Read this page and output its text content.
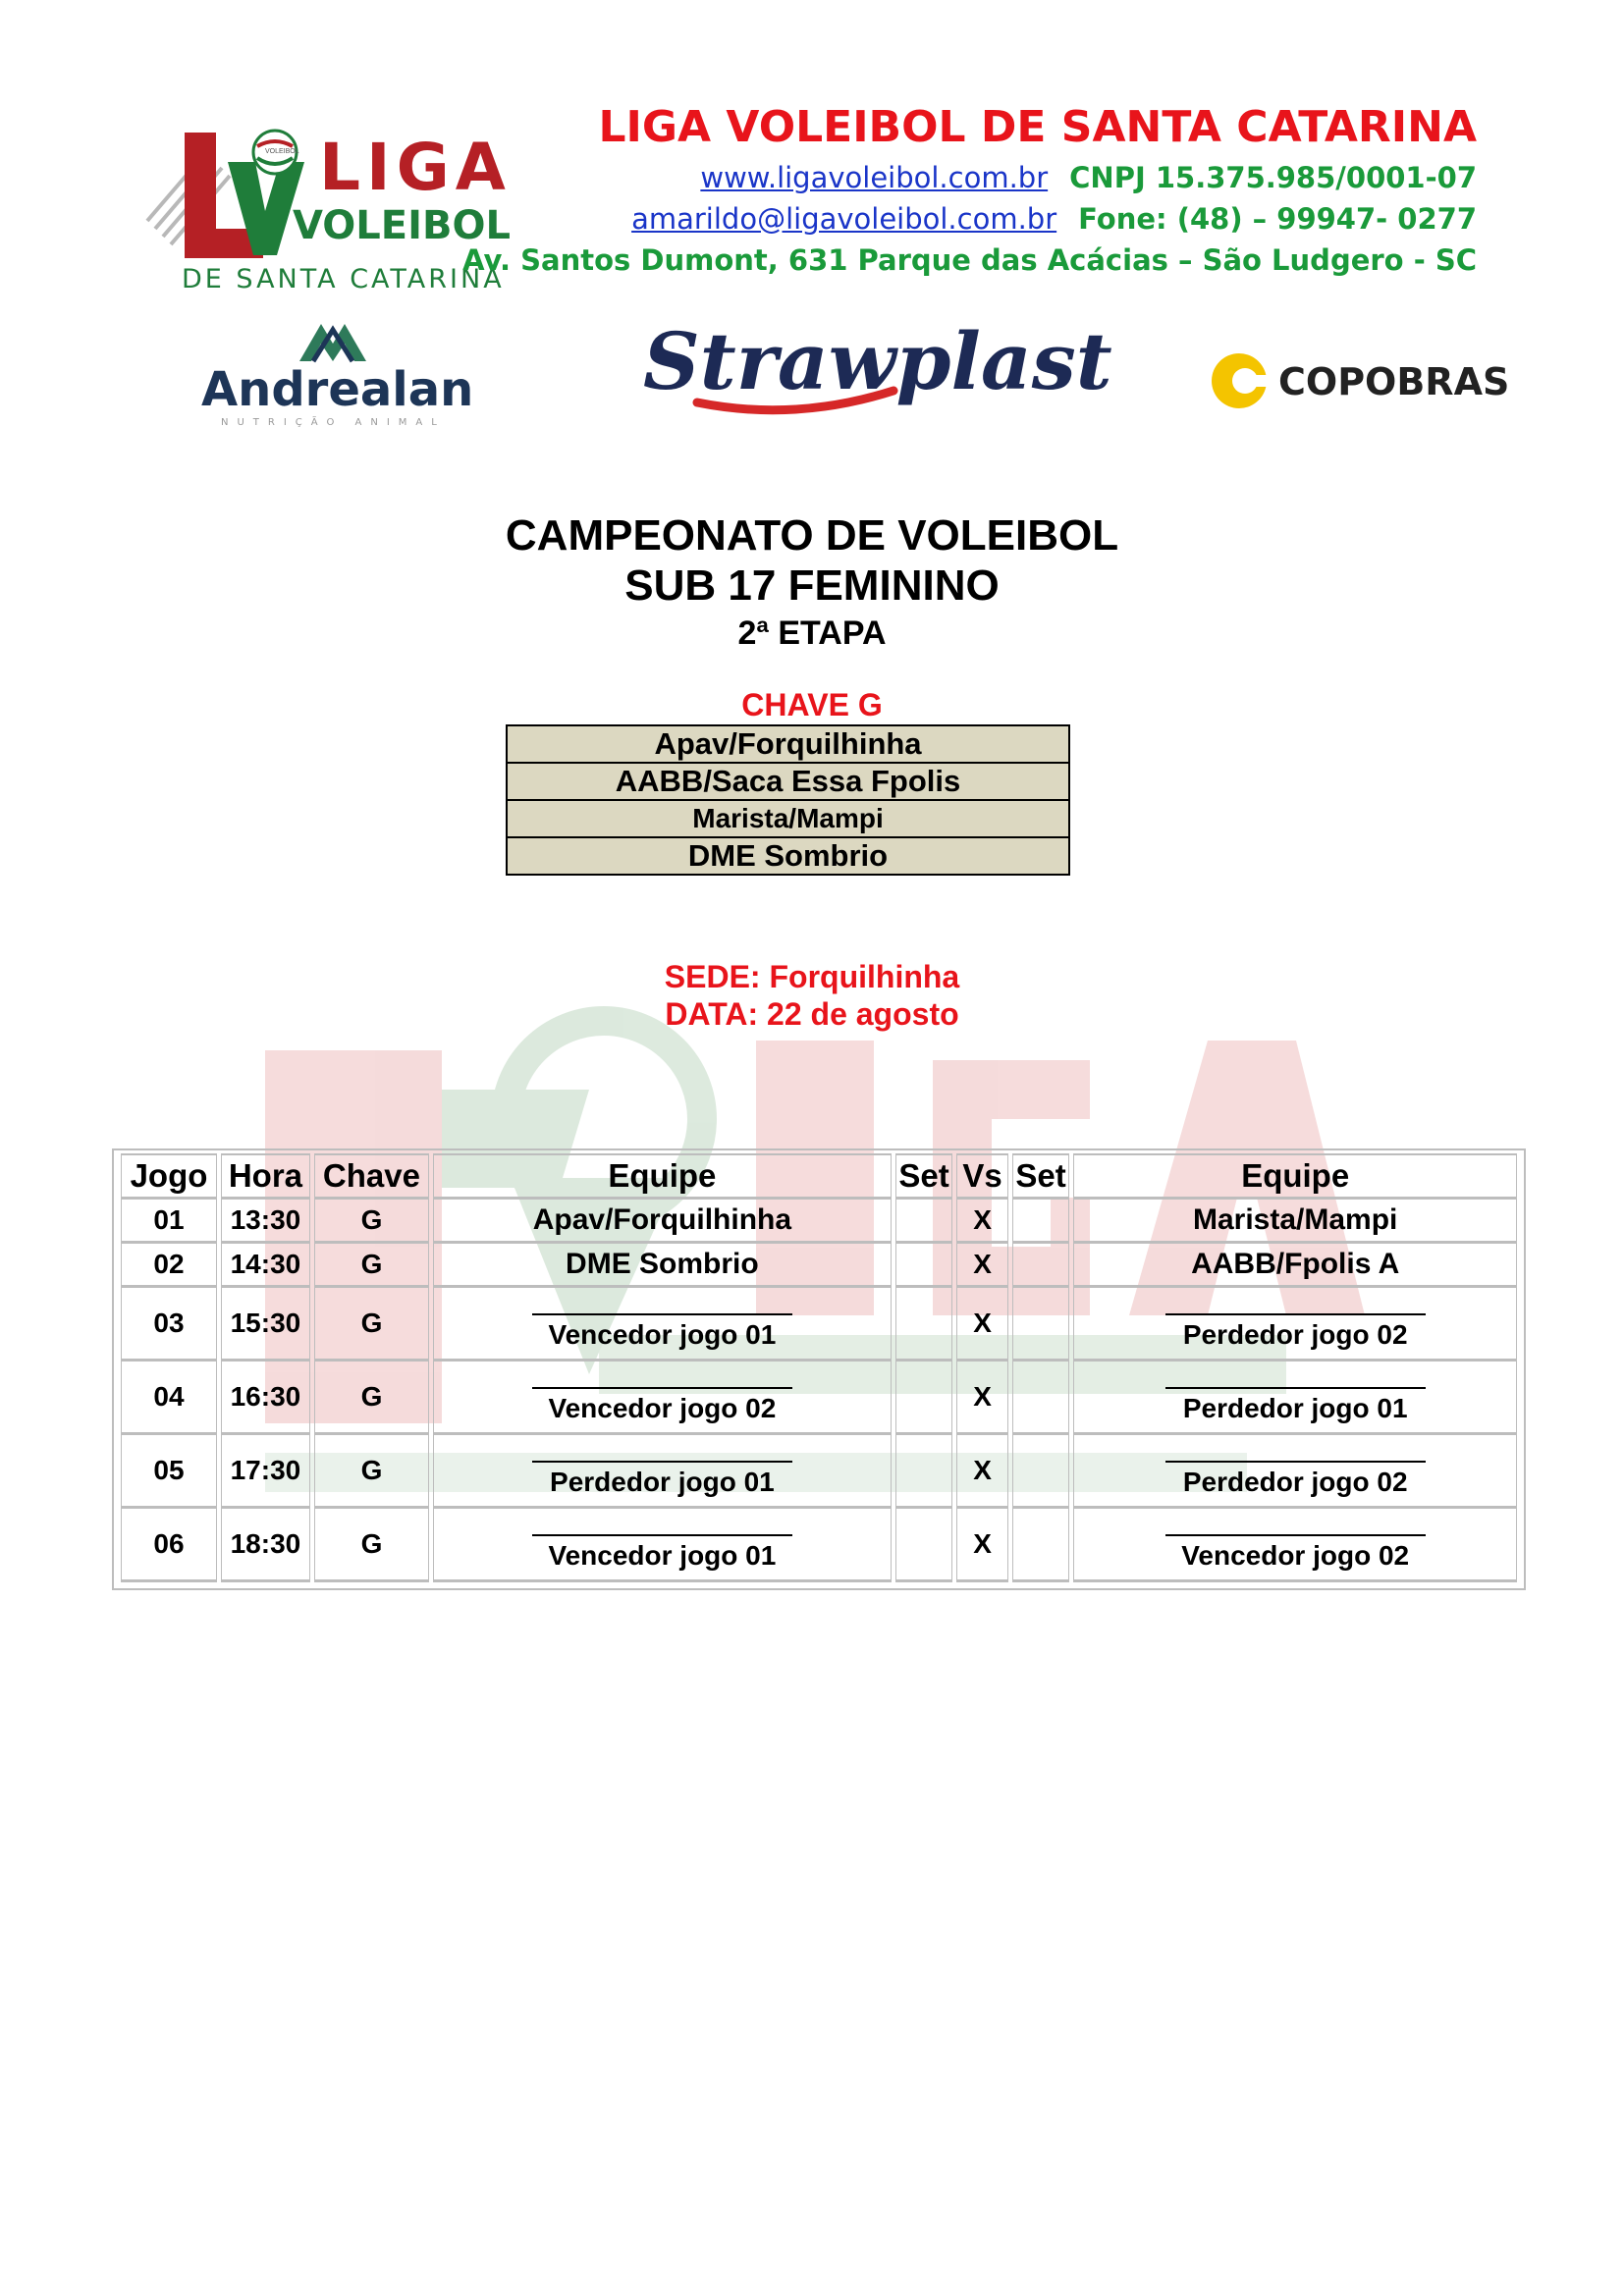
VOLEIBOL LIGA
VOLEIBOL
DE SANTA CATARINA
LIGA VOLEIBOL DE SANTA CATARINA
www.ligavoleibol.com.br CNPJ 15.375.985/0001-07
amarildo@ligavoleibol.com.br Fone: (48) – 99947- 0277
Av. Santos Dumont, 631 Parque das Acácias – São Ludgero - SC
Andrealan
NUTRIÇÃO ANIMAL
Strawplast	COPOBRAS
CAMPEONATO DE VOLEIBOL
SUB 17 FEMININO
2ª ETAPA
CHAVE G
Apav/Forquilhinha
AABB/Saca Essa Fpolis
Marista/Mampi
DME Sombrio
SEDE: Forquilhinha
DATA: 22 de agosto
Jogo	Hora	Chave	Equipe	Set	Vs	Set	Equipe
01	13:30	G	Apav/Forquilhinha		X		Marista/Mampi
02	14:30	G	DME Sombrio		X		AABB/Fpolis A
03	15:30	G	Vencedor jogo 01		X		Perdedor jogo 02

04	16:30	G	Vencedor jogo 02		X		Perdedor jogo 01

05	17:30	G	Perdedor jogo 01		X		Perdedor jogo 02

06	18:30	G	Vencedor jogo 01		X		Vencedor jogo 02
